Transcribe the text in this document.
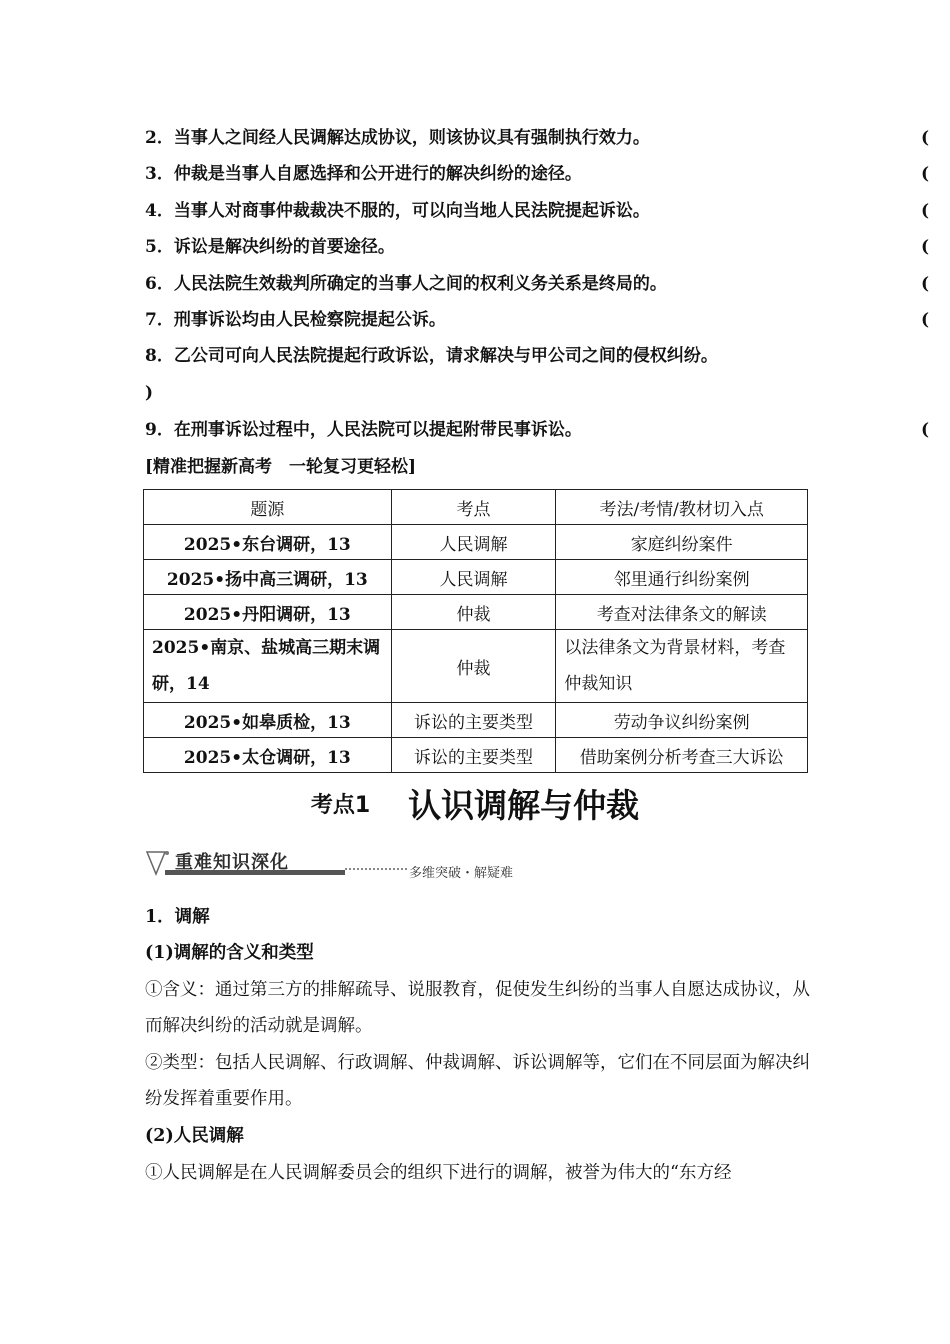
2．当事人之间经人民调解达成协议，则该协议具有强制执行效力。	(
3．仲裁是当事人自愿选择和公开进行的解决纠纷的途径。	(
4．当事人对商事仲裁裁决不服的，可以向当地人民法院提起诉讼。	(
5．诉讼是解决纠纷的首要途径。	(
6．人民法院生效裁判所确定的当事人之间的权利义务关系是终局的。	(
7．刑事诉讼均由人民检察院提起公诉。	(
8．乙公司可向人民法院提起行政诉讼，请求解决与甲公司之间的侵权纠纷。
)
9．在刑事诉讼过程中，人民法院可以提起附带民事诉讼。	(
[精准把握新高考　一轮复习更轻松]
题源	考点	考法/考情/教材切入点
2025•东台调研，13	人民调解	家庭纠纷案件
2025•扬中高三调研，13	人民调解	邻里通行纠纷案例
2025•丹阳调研，13	仲裁	考查对法律条文的解读
2025•南京、盐城高三期末调研，14	仲裁	以法律条文为背景材料，考查仲裁知识
2025•如皋质检，13	诉讼的主要类型	劳动争议纠纷案例
2025•太仓调研，13	诉讼的主要类型	借助案例分析考查三大诉讼
考点1 认识调解与仲裁
重难知识深化
多维突破・解疑难
1．调解
(1)调解的含义和类型
①含义：通过第三方的排解疏导、说服教育，促使发生纠纷的当事人自愿达成协议，从而解决纠纷的活动就是调解。
②类型：包括人民调解、行政调解、仲裁调解、诉讼调解等，它们在不同层面为解决纠纷发挥着重要作用。
(2)人民调解
①人民调解是在人民调解委员会的组织下进行的调解，被誉为伟大的“东方经
